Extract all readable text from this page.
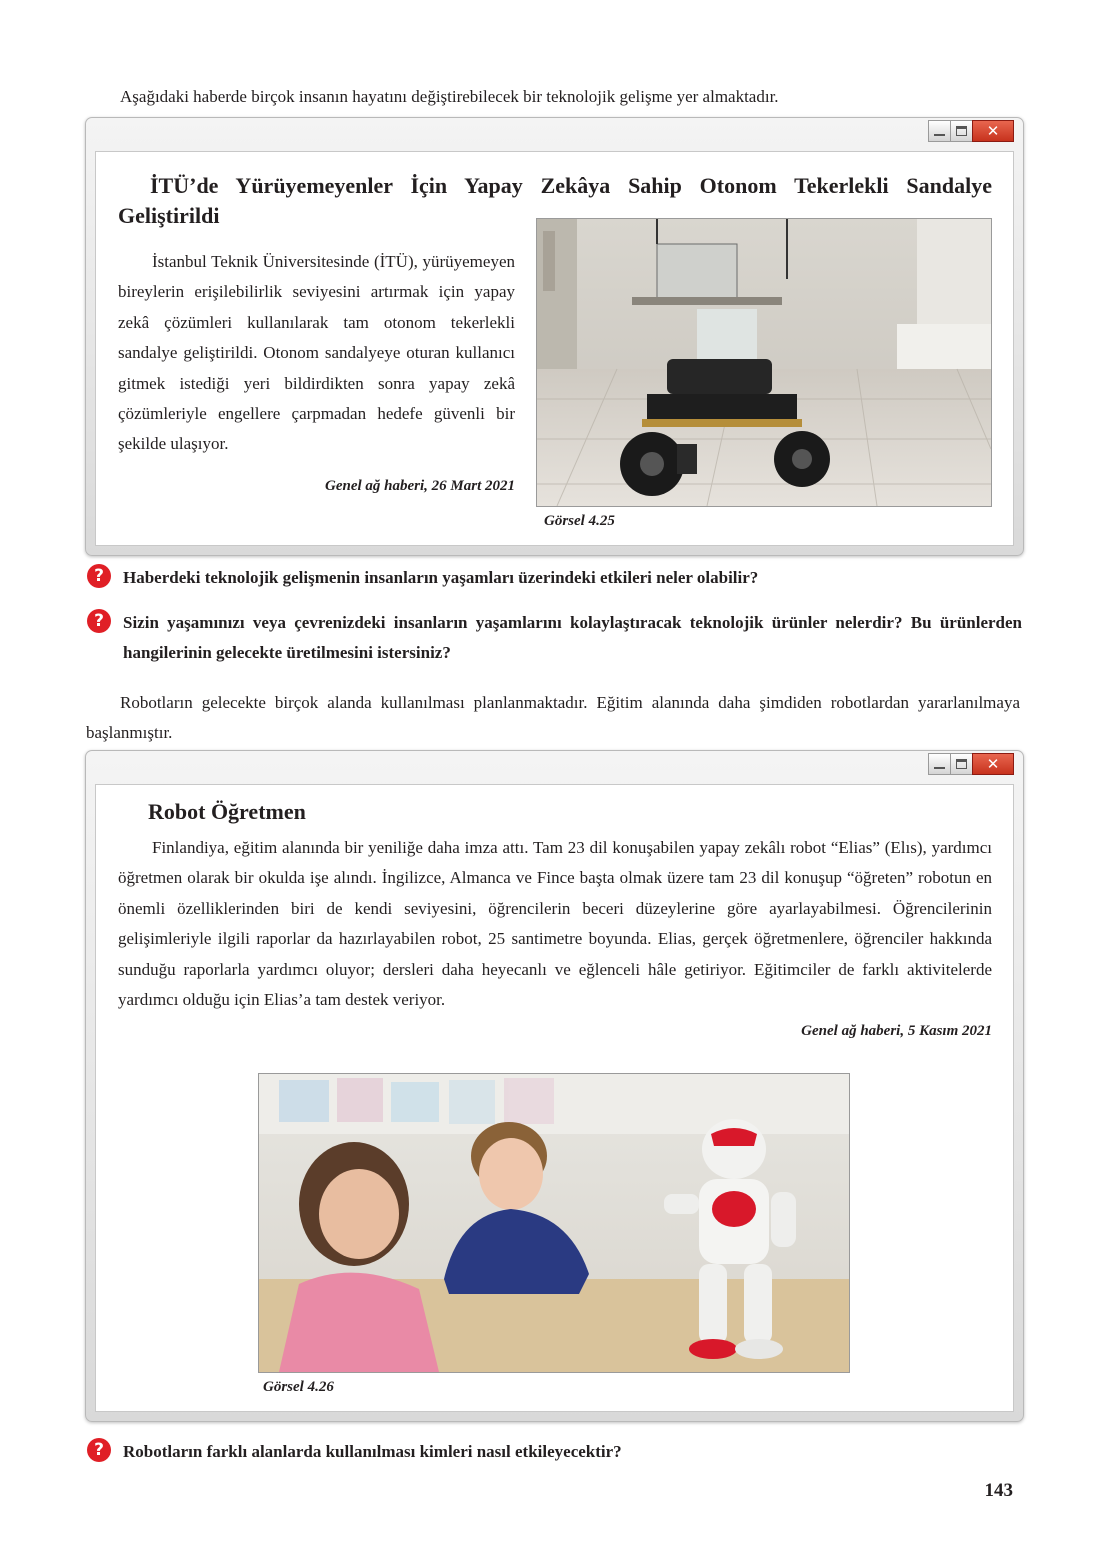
Aşağıdaki haberde birçok insanın hayatını değiştirebilecek bir teknolojik gelişme yer almaktadır.
✕
İTÜ’de Yürüyemeyenler İçin Yapay Zekâya Sahip Otonom Tekerlekli Sandalye Geliştirildi
İstanbul Teknik Üniversitesinde (İTÜ), yürüyemeyen bireylerin erişilebilirlik seviyesini artırmak için yapay zekâ çözümleri kullanılarak tam otonom tekerlekli sandalye geliştirildi. Otonom sandalyeye oturan kullanıcı gitmek istediği yeri bildirdikten sonra yapay zekâ çözümleriyle engellere çarpmadan hedefe güvenli bir şekilde ulaşıyor.
Genel ağ haberi, 26 Mart 2021
Görsel 4.25
?	Haberdeki teknolojik gelişmenin insanların yaşamları üzerindeki etkileri neler olabilir?
?	Sizin yaşamınızı veya çevrenizdeki insanların yaşamlarını kolaylaştıracak teknolojik ürünler nelerdir? Bu ürünlerden hangilerinin gelecekte üretilmesini istersiniz?
Robotların gelecekte birçok alanda kullanılması planlanmaktadır. Eğitim alanında daha şimdiden robotlardan yararlanılmaya başlanmıştır.
✕
Robot Öğretmen
Finlandiya, eğitim alanında bir yeniliğe daha imza attı. Tam 23 dil konuşabilen yapay zekâlı robot “Elias” (Elıs), yardımcı öğretmen olarak bir okulda işe alındı. İngilizce, Almanca ve Fince başta olmak üzere tam 23 dil konuşup “öğreten” robotun en önemli özelliklerinden biri de kendi seviyesini, öğrencilerin beceri düzeylerine göre ayarlayabilmesi. Öğrencilerinin gelişimleriyle ilgili raporlar da hazırlayabilen robot, 25 santimetre boyunda. Elias, gerçek öğretmenlere, öğrenciler hakkında sunduğu raporlarla yardımcı oluyor; dersleri daha heyecanlı ve eğlenceli hâle getiriyor. Eğitimciler de farklı aktivitelerde yardımcı olduğu için Elias’a tam destek veriyor.
Genel ağ haberi, 5 Kasım 2021
Görsel 4.26
?	Robotların farklı alanlarda kullanılması kimleri nasıl etkileyecektir?
143
